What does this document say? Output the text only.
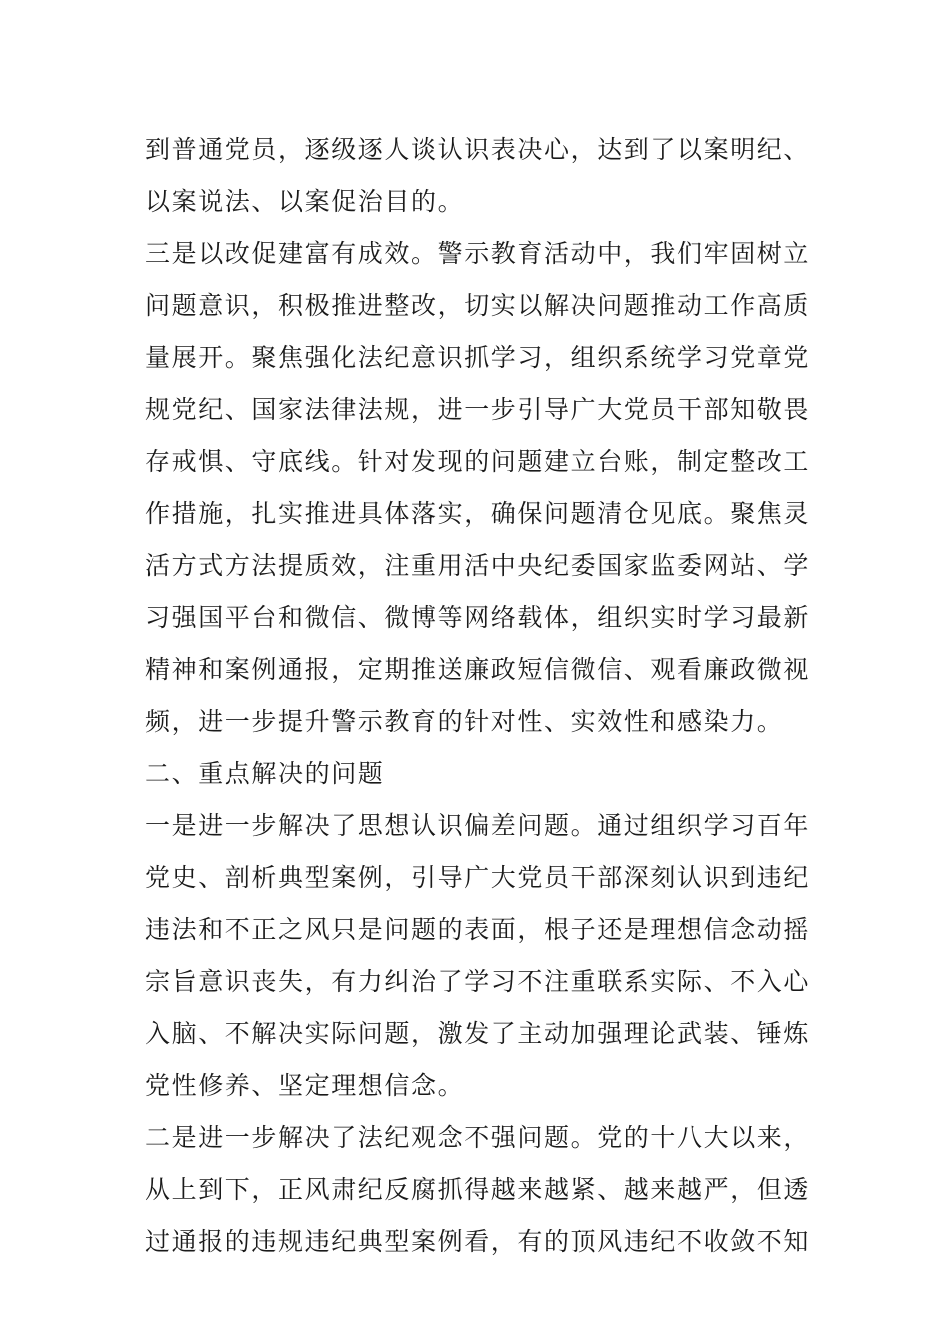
到普通党员，逐级逐人谈认识表决心，达到了以案明纪、
以案说法、以案促治目的。
三是以改促建富有成效。警示教育活动中，我们牢固树立
问题意识，积极推进整改，切实以解决问题推动工作高质
量展开。聚焦强化法纪意识抓学习，组织系统学习党章党
规党纪、国家法律法规，进一步引导广大党员干部知敬畏
存戒惧、守底线。针对发现的问题建立台账，制定整改工
作措施，扎实推进具体落实，确保问题清仓见底。聚焦灵
活方式方法提质效，注重用活中央纪委国家监委网站、学
习强国平台和微信、微博等网络载体，组织实时学习最新
精神和案例通报，定期推送廉政短信微信、观看廉政微视
频，进一步提升警示教育的针对性、实效性和感染力。
二、重点解决的问题
一是进一步解决了思想认识偏差问题。通过组织学习百年
党史、剖析典型案例，引导广大党员干部深刻认识到违纪
违法和不正之风只是问题的表面，根子还是理想信念动摇
宗旨意识丧失，有力纠治了学习不注重联系实际、不入心
入脑、不解决实际问题，激发了主动加强理论武装、锤炼
党性修养、坚定理想信念。
二是进一步解决了法纪观念不强问题。党的十八大以来，
从上到下，正风肃纪反腐抓得越来越紧、越来越严，但透
过通报的违规违纪典型案例看，有的顶风违纪不收敛不知
